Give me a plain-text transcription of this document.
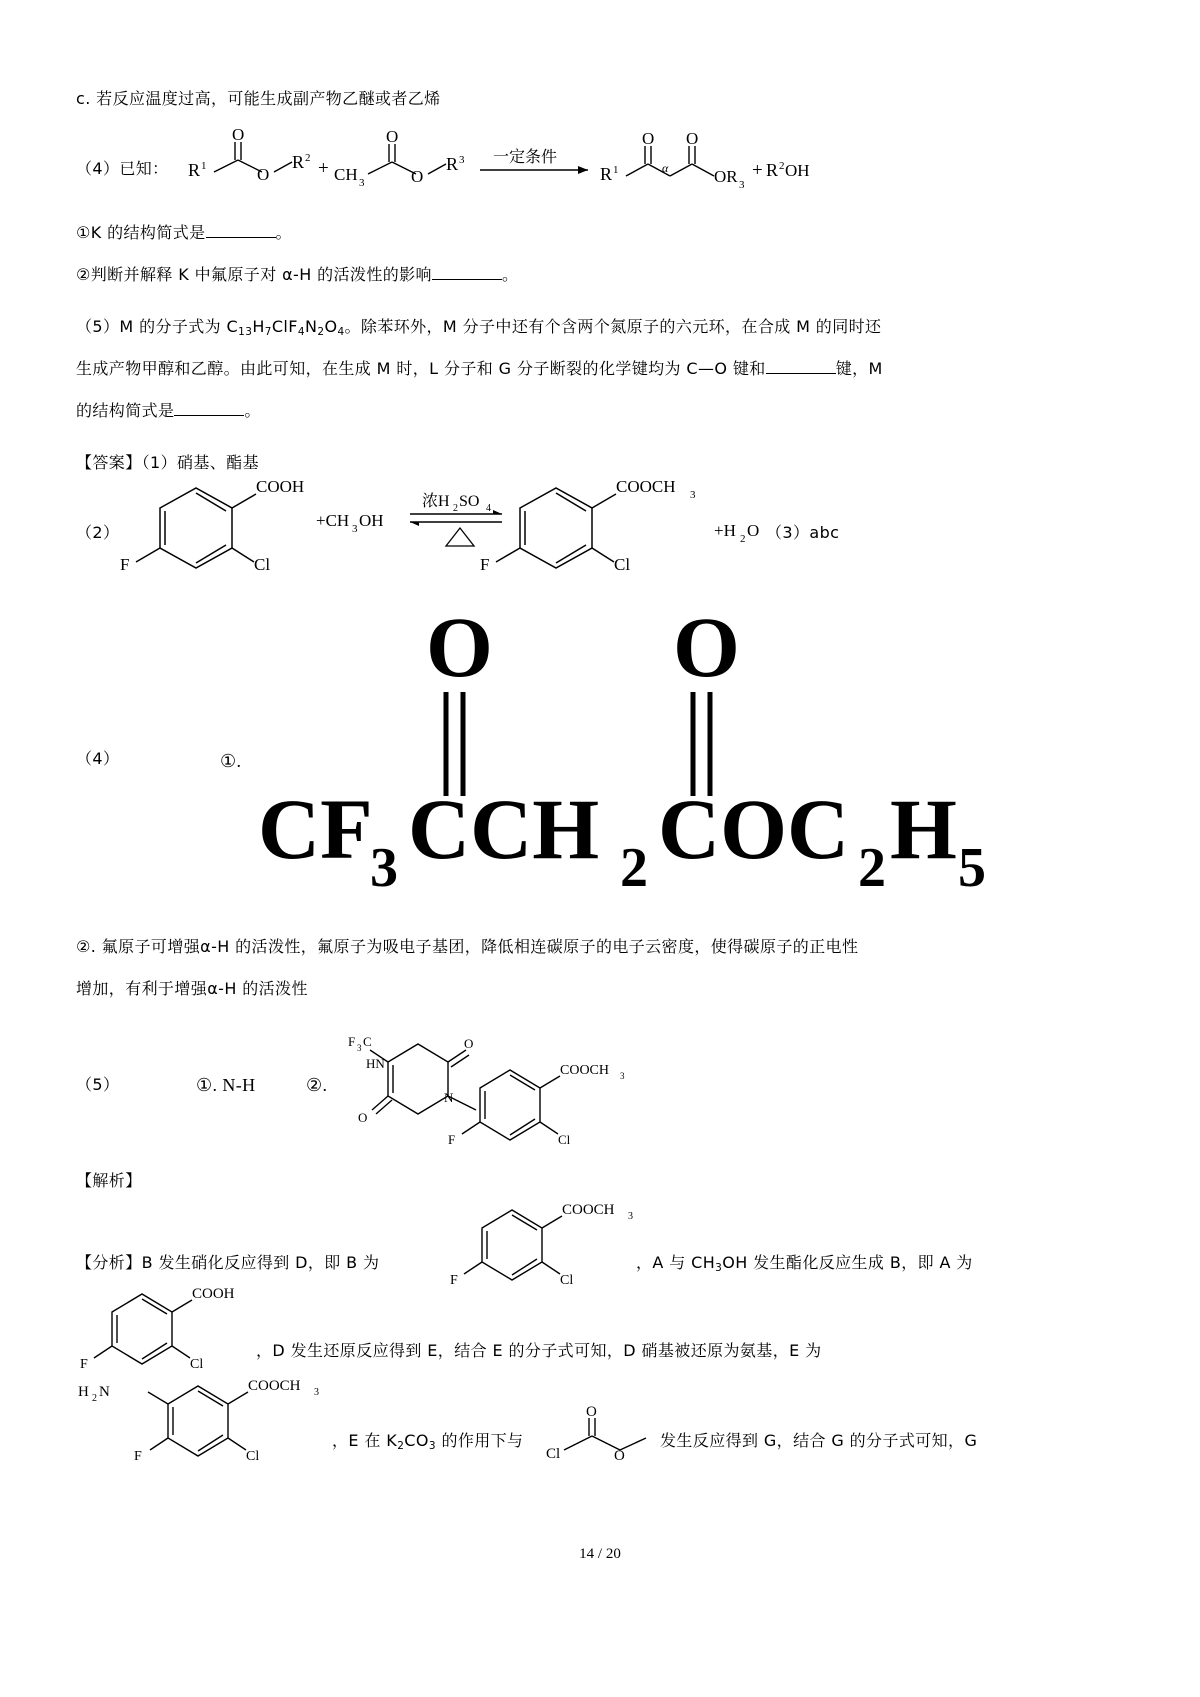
c. 若反应温度过高，可能生成副产物乙醚或者乙烯
（4）已知： R 1
O
O
R 2 + CH 3
O
O
R 3 一定条件
R 1
O
α
O
OR 3
+ R 2 OH
①K 的结构简式是	。
②判断并解释 K 中氟原子对 α-H 的活泼性的影响	。
（5）M 的分子式为 $C_{13}H_7ClF_4N_2O_4$。除苯环外，M 分子中还有个含两个氮原子的六元环，在合成 M 的同时还
生成产物甲醇和乙醇。由此可知，在生成 M 时，L 分子和 G 分子断裂的化学键均为 C—O 键和	键，M
的结构简式是	。
【答案】（1）硝基、酯基
（2）
COOH
F	Cl
+CH 3 OH
浓H 2 SO 4
COOCH 3
F	Cl
+H 2 O （3）abc
（4）	①.
O O
CF
3 CCH 2 COC 2 H 5
②. 氟原子可增强α-H 的活泼性，氟原子为吸电子基团，降低相连碳原子的电子云密度，使得碳原子的正电性
增加，有利于增强α-H 的活泼性
（5）	①. N-H	②.
F 3 C
HN
N
O
O
COOCH 3
F	Cl
【解析】
【分析】B 发生硝化反应得到 D，即 B 为
COOCH 3
F	Cl
，A 与 $CH_3OH$ 发生酯化反应生成 B，即 A 为
COOH
F	Cl
，D 发生还原反应得到 E，结合 E 的分子式可知，D 硝基被还原为氨基，E 为
H 2 N	COOCH 3
F	Cl
，E 在 $K_2CO_3$ 的作用下与
O
Cl	O
发生反应得到 G，结合 G 的分子式可知，G
14 / 20
